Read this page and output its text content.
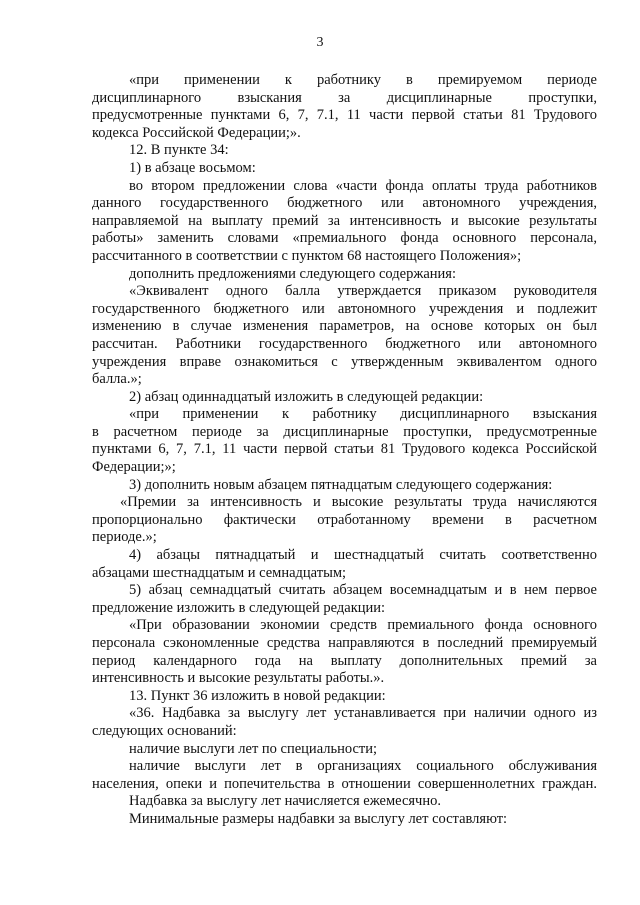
3
«при применении к работнику в премируемом периоде
дисциплинарного взыскания за дисциплинарные проступки,
предусмотренные пунктами 6, 7, 7.1, 11 части первой статьи 81 Трудового
кодекса Российской Федерации;».
12. В пункте 34:
1) в абзаце восьмом:
во втором предложении слова «части фонда оплаты труда работников
данного государственного бюджетного или автономного учреждения,
направляемой на выплату премий за интенсивность и высокие результаты
работы» заменить словами «премиального фонда основного персонала,
рассчитанного в соответствии с пунктом 68 настоящего Положения»;
дополнить предложениями следующего содержания:
«Эквивалент одного балла утверждается приказом руководителя
государственного бюджетного или автономного учреждения и подлежит
изменению в случае изменения параметров, на основе которых он был
рассчитан. Работники государственного бюджетного или автономного
учреждения вправе ознакомиться с утвержденным эквивалентом одного
балла.»;
2) абзац одиннадцатый изложить в следующей редакции:
«при применении к работнику дисциплинарного взыскания
в расчетном периоде за дисциплинарные проступки, предусмотренные
пунктами 6, 7, 7.1, 11 части первой статьи 81 Трудового кодекса Российской
Федерации;»;
3) дополнить новым абзацем пятнадцатым следующего содержания:
«Премии за интенсивность и высокие результаты труда начисляются
пропорционально фактически отработанному времени в расчетном
периоде.»;
4) абзацы пятнадцатый и шестнадцатый считать соответственно
абзацами шестнадцатым и семнадцатым;
5) абзац семнадцатый считать абзацем восемнадцатым и в нем первое
предложение изложить в следующей редакции:
«При образовании экономии средств премиального фонда основного
персонала сэкономленные средства направляются в последний премируемый
период календарного года на выплату дополнительных премий за
интенсивность и высокие результаты работы.».
13. Пункт 36 изложить в новой редакции:
«36. Надбавка за выслугу лет устанавливается при наличии одного из
следующих оснований:
наличие выслуги лет по специальности;
наличие выслуги лет в организациях социального обслуживания
населения, опеки и попечительства в отношении совершеннолетних граждан.
Надбавка за выслугу лет начисляется ежемесячно.
Минимальные размеры надбавки за выслугу лет составляют:
